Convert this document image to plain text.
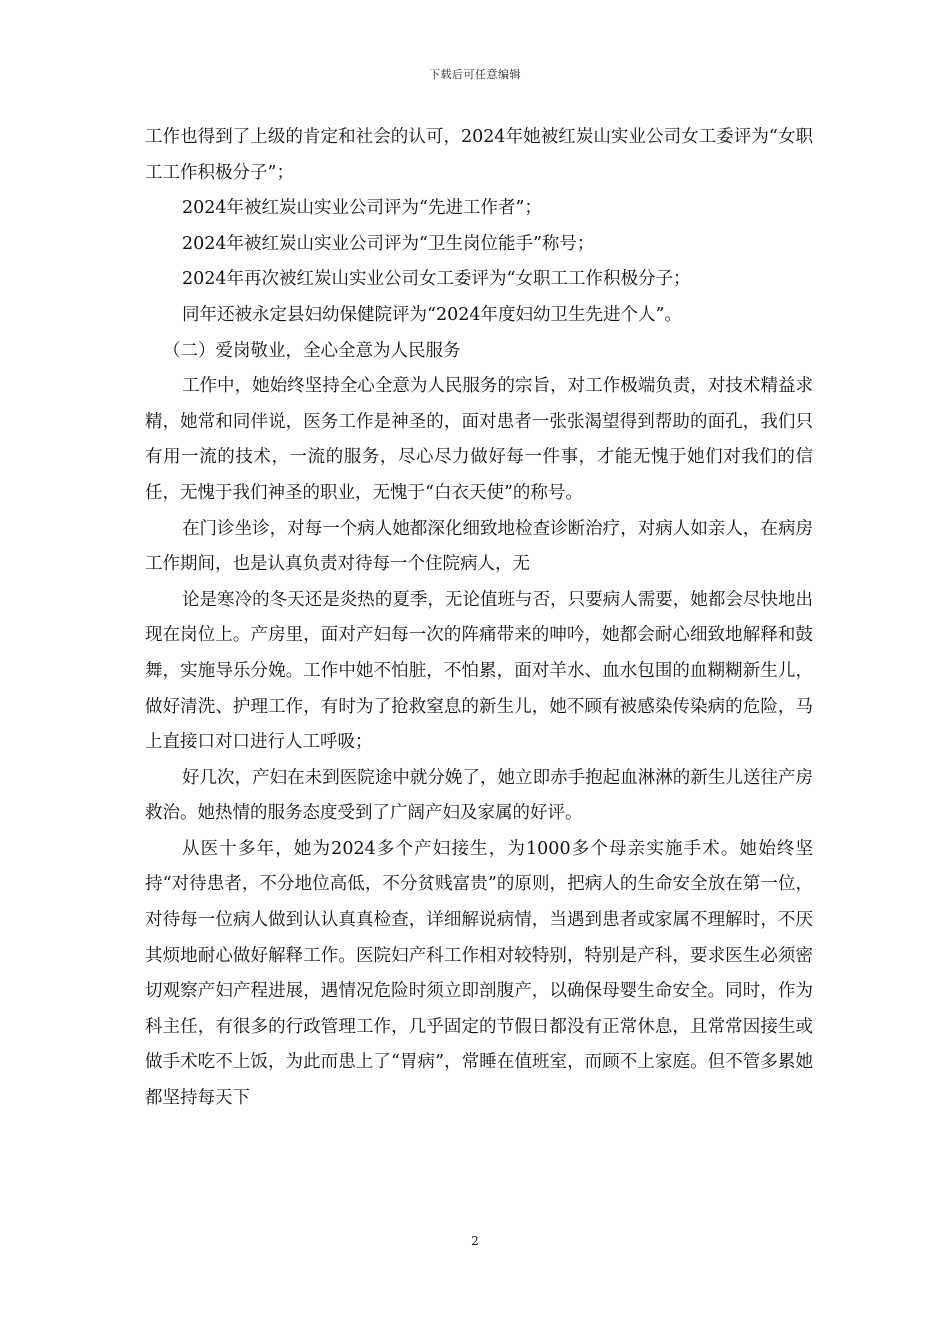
下载后可任意编辑

工作也得到了上级的肯定和社会的认可，2024年她被红炭山实业公司女工委评为“女职工工作积极分子”；

2024年被红炭山实业公司评为“先进工作者”；

2024年被红炭山实业公司评为“卫生岗位能手”称号；

2024年再次被红炭山实业公司女工委评为“女职工工作积极分子；

同年还被永定县妇幼保健院评为“2024年度妇幼卫生先进个人”。

（二）爱岗敬业，全心全意为人民服务

工作中，她始终坚持全心全意为人民服务的宗旨，对工作极端负责，对技术精益求精，她常和同伴说，医务工作是神圣的，面对患者一张张渴望得到帮助的面孔，我们只有用一流的技术，一流的服务，尽心尽力做好每一件事，才能无愧于她们对我们的信任，无愧于我们神圣的职业，无愧于“白衣天使”的称号。

在门诊坐诊，对每一个病人她都深化细致地检查诊断治疗，对病人如亲人，在病房工作期间，也是认真负责对待每一个住院病人，无

论是寒冷的冬天还是炎热的夏季，无论值班与否，只要病人需要，她都会尽快地出现在岗位上。产房里，面对产妇每一次的阵痛带来的呻吟，她都会耐心细致地解释和鼓舞，实施导乐分娩。工作中她不怕脏，不怕累，面对羊水、血水包围的血糊糊新生儿，做好清洗、护理工作，有时为了抢救窒息的新生儿，她不顾有被感染传染病的危险，马上直接口对口进行人工呼吸；

好几次，产妇在未到医院途中就分娩了，她立即赤手抱起血淋淋的新生儿送往产房救治。她热情的服务态度受到了广阔产妇及家属的好评。

从医十多年，她为2024多个产妇接生，为1000多个母亲实施手术。她始终坚持“对待患者，不分地位高低，不分贫贱富贵”的原则，把病人的生命安全放在第一位，对待每一位病人做到认认真真检查，详细解说病情，当遇到患者或家属不理解时，不厌其烦地耐心做好解释工作。医院妇产科工作相对较特别，特别是产科，要求医生必须密切观察产妇产程进展，遇情况危险时须立即剖腹产，以确保母婴生命安全。同时，作为科主任，有很多的行政管理工作，几乎固定的节假日都没有正常休息，且常常因接生或做手术吃不上饭，为此而患上了“胃病”，常睡在值班室，而顾不上家庭。但不管多累她都坚持每天下

2
